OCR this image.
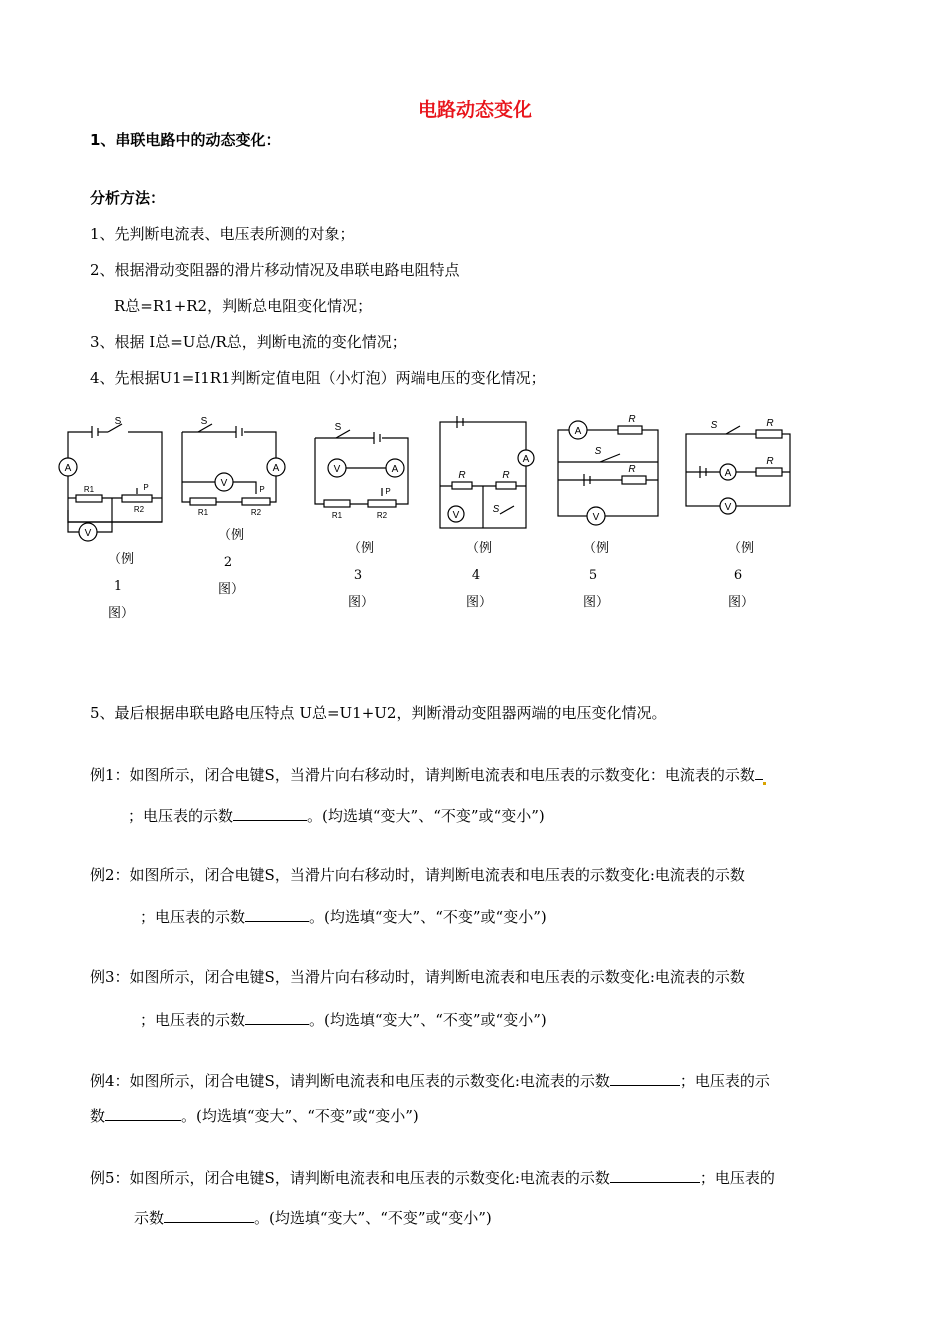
电路动态变化
1、串联电路中的动态变化：
分析方法：
1、先判断电流表、电压表所测的对象；
2、根据滑动变阻器的滑片移动情况及串联电路电阻特点
R总=R1+R2，判断总电阻变化情况；
3、根据 I总=U总/R总，判断电流的变化情况；
4、先根据U1=I1R1判断定值电阻（小灯泡）两端电压的变化情况；
A
V
S
R1
R2
P	V
A
S
R1	R2
P
V	A
S
R1	R2
P
A
V
R	R
S
A
V
R
R
S
A
V
R
R
S
（例1图）
（例2图）
（例3图）
（例4图）
（例5图）
（例6图）
5、最后根据串联电路电压特点 U总=U1+U2，判断滑动变阻器两端的电压变化情况。
例1：如图所示，闭合电键S，当滑片向右移动时，请判断电流表和电压表的示数变化：电流表的示数
；电压表的示数	。(均选填“变大”、“不变”或“变小”)
例2：如图所示，闭合电键S，当滑片向右移动时，请判断电流表和电压表的示数变化:电流表的示数
；电压表的示数	。(均选填“变大”、“不变”或“变小”)
例3：如图所示，闭合电键S，当滑片向右移动时，请判断电流表和电压表的示数变化:电流表的示数
；电压表的示数	。(均选填“变大”、“不变”或“变小”)
例4：如图所示，闭合电键S，请判断电流表和电压表的示数变化:电流表的示数	；电压表的示
数	。(均选填“变大”、“不变”或“变小”)
例5：如图所示，闭合电键S，请判断电流表和电压表的示数变化:电流表的示数	；电压表的
示数	。(均选填“变大”、“不变”或“变小”)
